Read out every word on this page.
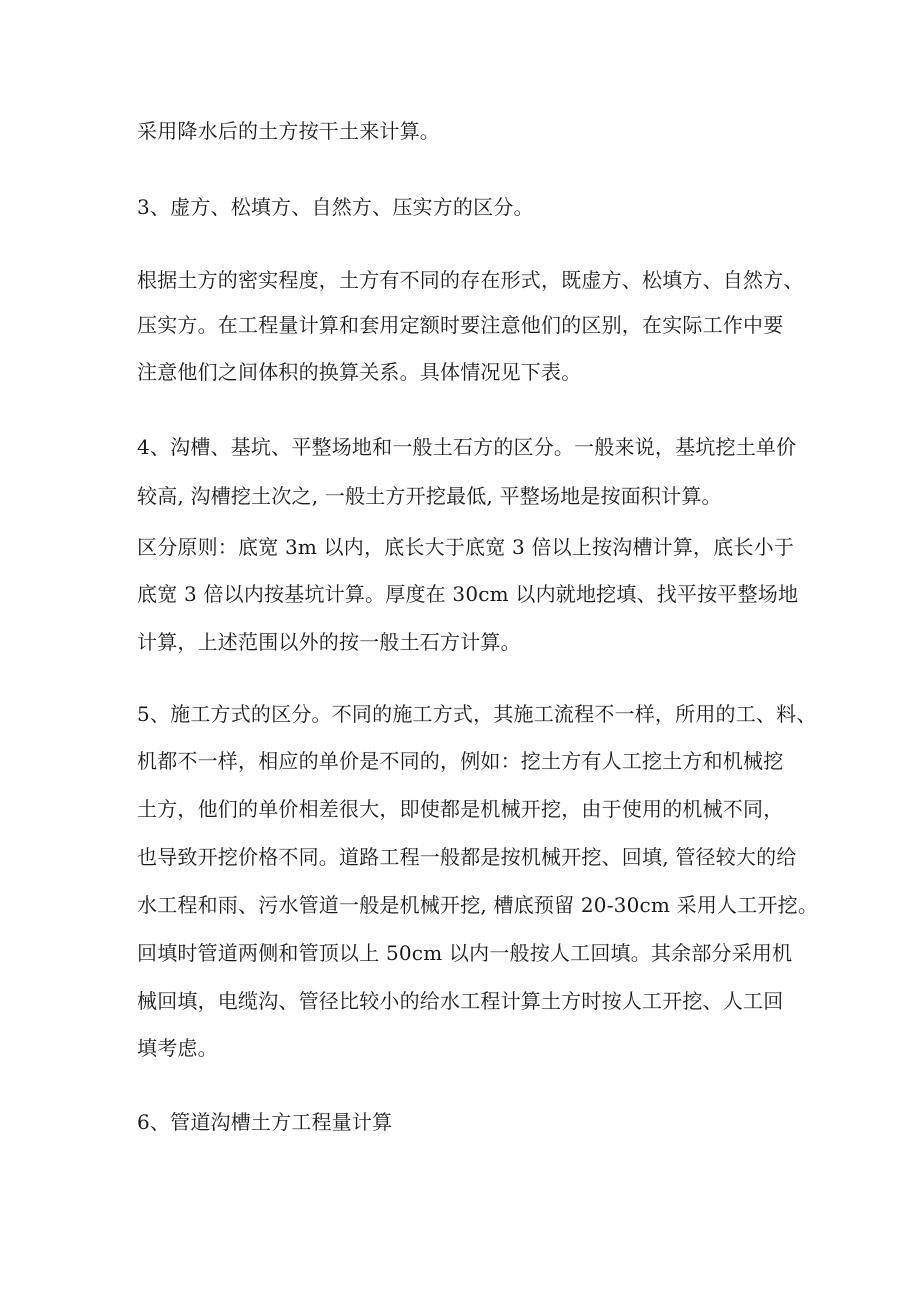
采用降水后的土方按干土来计算。
3、虚方、松填方、自然方、压实方的区分。
根据土方的密实程度，土方有不同的存在形式，既虚方、松填方、自然方、
压实方。在工程量计算和套用定额时要注意他们的区别，在实际工作中要
注意他们之间体积的换算关系。具体情况见下表。
4、沟槽、基坑、平整场地和一般土石方的区分。一般来说，基坑挖土单价
较高, 沟槽挖土次之, 一般土方开挖最低, 平整场地是按面积计算。
区分原则：底宽 3m 以内，底长大于底宽 3 倍以上按沟槽计算，底长小于
底宽 3 倍以内按基坑计算。厚度在 30cm 以内就地挖填、找平按平整场地
计算，上述范围以外的按一般土石方计算。
5、施工方式的区分。不同的施工方式，其施工流程不一样，所用的工、料、
机都不一样，相应的单价是不同的，例如：挖土方有人工挖土方和机械挖
土方，他们的单价相差很大，即使都是机械开挖，由于使用的机械不同，
也导致开挖价格不同。道路工程一般都是按机械开挖、回填, 管径较大的给
水工程和雨、污水管道一般是机械开挖, 槽底预留 20-30cm 采用人工开挖。
回填时管道两侧和管顶以上 50cm 以内一般按人工回填。其余部分采用机
械回填，电缆沟、管径比较小的给水工程计算土方时按人工开挖、人工回
填考虑。
6、管道沟槽土方工程量计算
